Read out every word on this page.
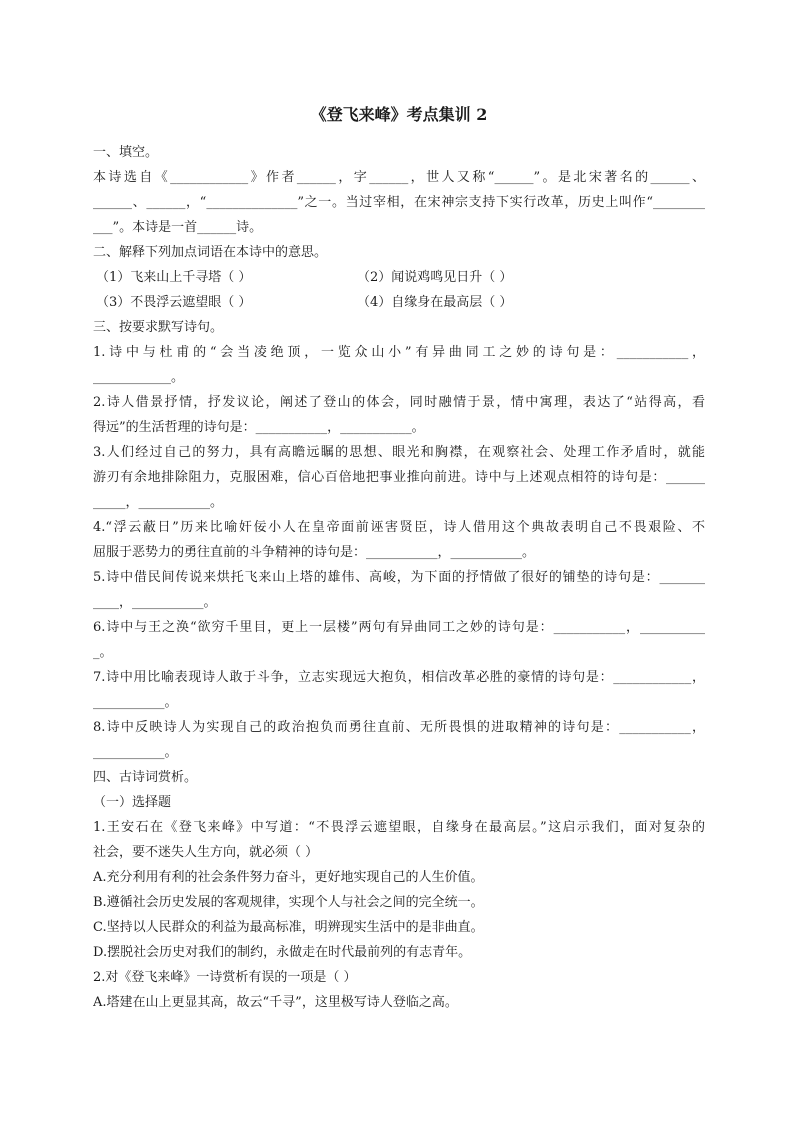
《登飞来峰》考点集训 2
一、填空。
本诗选自《____________》作者______，字______，世人又称“______”。是北宋著名的______、
______、______，“______________”之一。当过宰相，在宋神宗支持下实行改革，历史上叫作“________
___”。本诗是一首______诗。
二、解释下列加点词语在本诗中的意思。
（1）飞来山上千寻塔（ ）	（2）闻说鸡鸣见日升（ ）
（3）不畏浮云遮望眼（ ）	（4）自缘身在最高层（ ）
三、按要求默写诗句。
1.诗中与杜甫的“会当凌绝顶，一览众山小”有异曲同工之妙的诗句是：___________，
____________。
2.诗人借景抒情，抒发议论，阐述了登山的体会，同时融情于景，情中寓理，表达了“站得高，看
得远”的生活哲理的诗句是：___________，___________。
3.人们经过自己的努力，具有高瞻远瞩的思想、眼光和胸襟，在观察社会、处理工作矛盾时，就能
游刃有余地排除阻力，克服困难，信心百倍地把事业推向前进。诗中与上述观点相符的诗句是：______
_____，___________。
4.“浮云蔽日”历来比喻奸佞小人在皇帝面前诬害贤臣，诗人借用这个典故表明自己不畏艰险、不
屈服于恶势力的勇往直前的斗争精神的诗句是：___________，___________。
5.诗中借民间传说来烘托飞来山上塔的雄伟、高峻，为下面的抒情做了很好的铺垫的诗句是：_______
____，___________。
6.诗中与王之涣“欲穷千里目，更上一层楼”两句有异曲同工之妙的诗句是：___________，__________
_。
7.诗中用比喻表现诗人敢于斗争，立志实现远大抱负，相信改革必胜的豪情的诗句是：____________，
___________。
8.诗中反映诗人为实现自己的政治抱负而勇往直前、无所畏惧的进取精神的诗句是：___________，
___________。
四、古诗词赏析。
（一）选择题
1.王安石在《登飞来峰》中写道：“不畏浮云遮望眼，自缘身在最高层。”这启示我们，面对复杂的
社会，要不迷失人生方向，就必须（ ）
A.充分利用有利的社会条件努力奋斗，更好地实现自己的人生价值。
B.遵循社会历史发展的客观规律，实现个人与社会之间的完全统一。
C.坚持以人民群众的利益为最高标准，明辨现实生活中的是非曲直。
D.摆脱社会历史对我们的制约，永做走在时代最前列的有志青年。
2.对《登飞来峰》一诗赏析有误的一项是（ ）
A.塔建在山上更显其高，故云“千寻”，这里极写诗人登临之高。
